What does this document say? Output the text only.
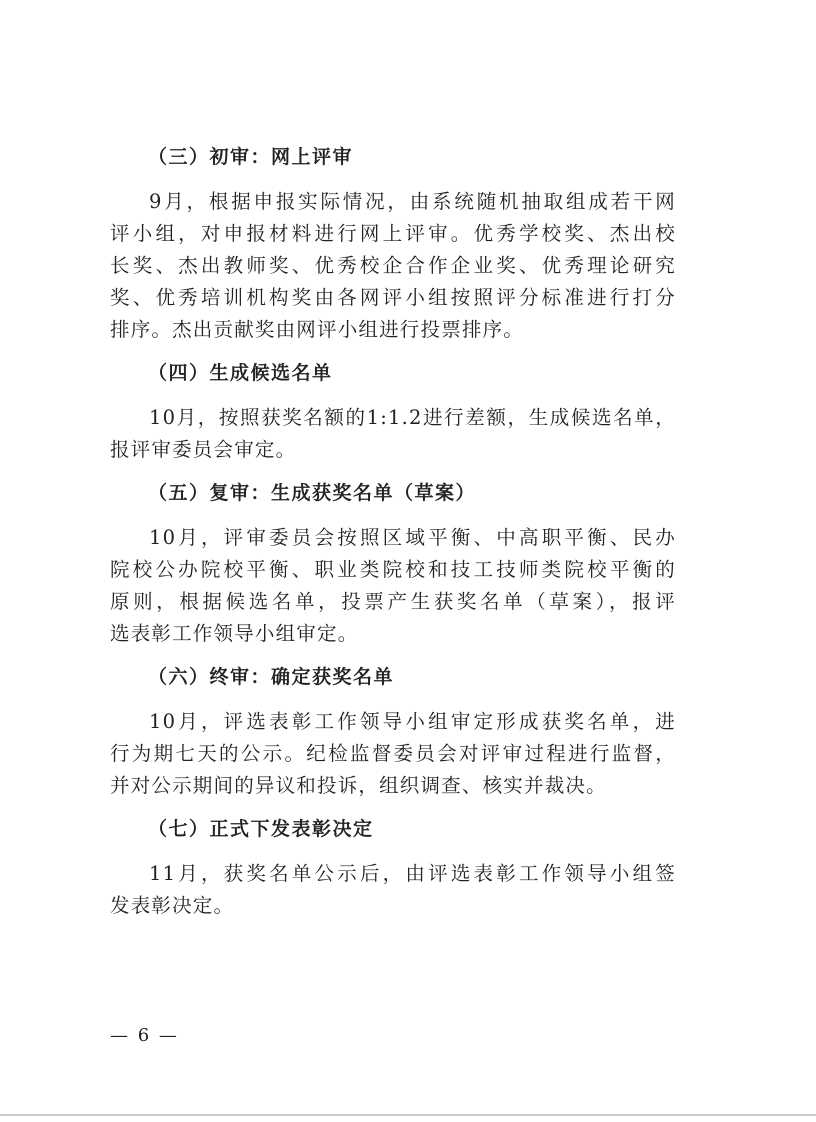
（三）初审：网上评审
9月，根据申报实际情况，由系统随机抽取组成若干网
评小组，对申报材料进行网上评审。优秀学校奖、杰出校
长奖、杰出教师奖、优秀校企合作企业奖、优秀理论研究
奖、优秀培训机构奖由各网评小组按照评分标准进行打分
排序。杰出贡献奖由网评小组进行投票排序。
（四）生成候选名单
10月，按照获奖名额的1:1.2进行差额，生成候选名单，
报评审委员会审定。
（五）复审：生成获奖名单（草案）
10月，评审委员会按照区域平衡、中高职平衡、民办
院校公办院校平衡、职业类院校和技工技师类院校平衡的
原则，根据候选名单，投票产生获奖名单（草案），报评
选表彰工作领导小组审定。
（六）终审：确定获奖名单
10月，评选表彰工作领导小组审定形成获奖名单，进
行为期七天的公示。纪检监督委员会对评审过程进行监督，
并对公示期间的异议和投诉，组织调查、核实并裁决。
（七）正式下发表彰决定
11月，获奖名单公示后，由评选表彰工作领导小组签
发表彰决定。
— 6 —
